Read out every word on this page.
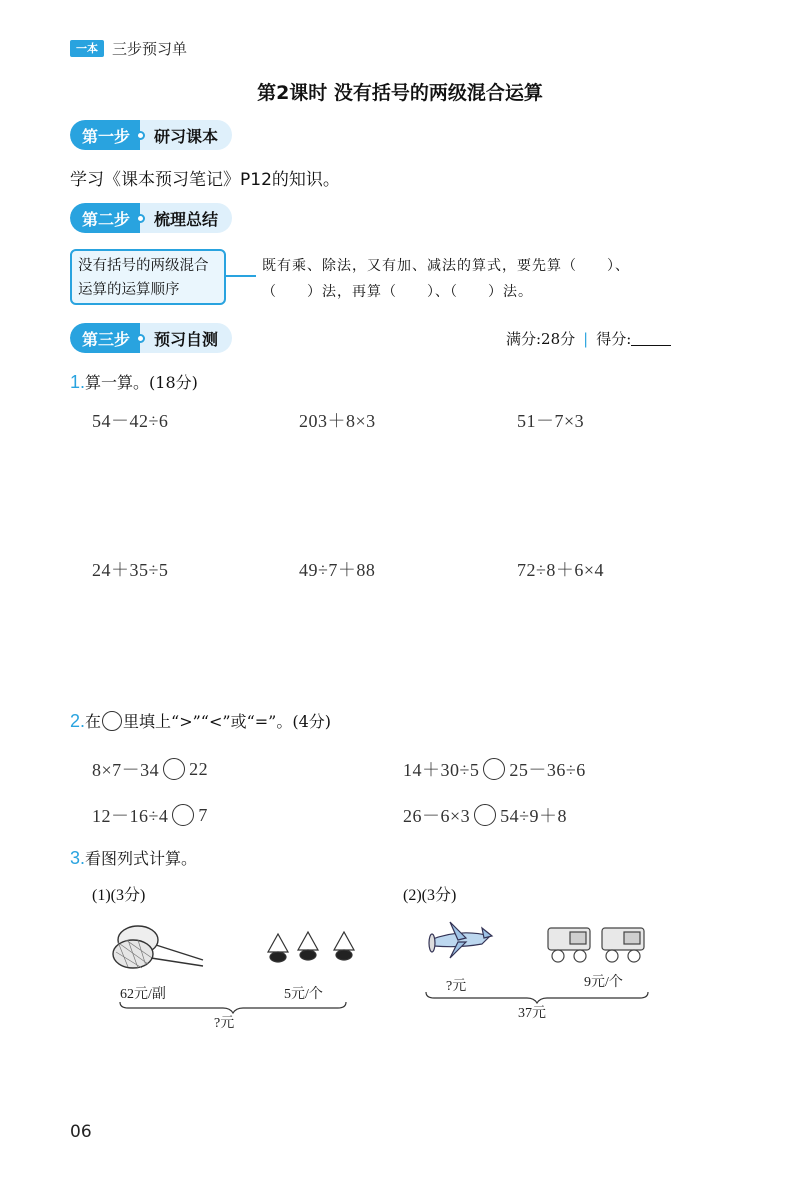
一本 三步预习单
第2课时 没有括号的两级混合运算
第一步	研习课本
学习《课本预习笔记》P12的知识。
第二步	梳理总结
没有括号的两级混合运算的运算顺序
既有乘、除法，又有加、减法的算式，要先算（　　）、
（　　）法，再算（　　）、（　　）法。
第三步	预习自测	满分:28分 | 得分:
1.算一算。(18分)
54－42÷6	203＋8×3	51－7×3
24＋35÷5	49÷7＋88	72÷8＋6×4
2.在 里填上“>”“<”或“=”。(4分)
8×7－34 22	14＋30÷5 25－36÷6
12－16÷4 7	26－6×3 54÷9＋8
3.看图列式计算。
(1)(3分)	(2)(3分)
62元/副	5元/个
?元
?元	9元/个
37元
06
